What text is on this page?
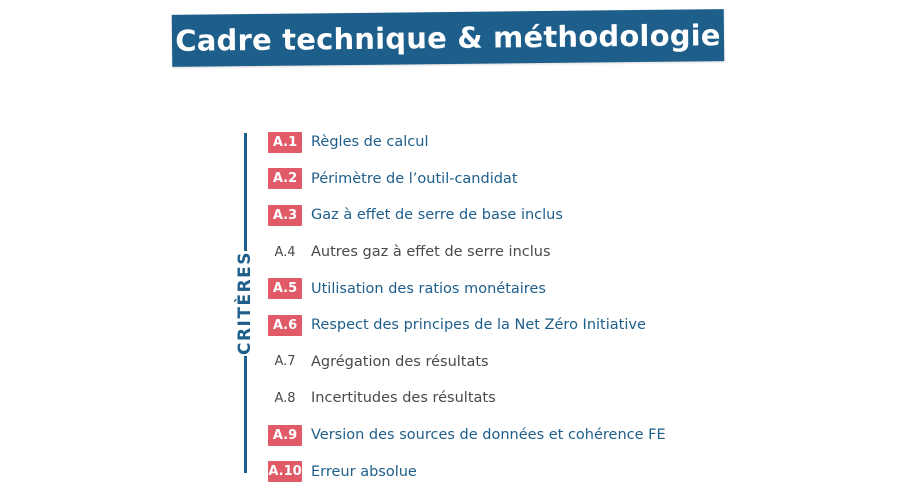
Cadre technique & méthodologie
CRITÈRES
A.1 Règles de calcul
A.2 Périmètre de l’outil-candidat
A.3 Gaz à effet de serre de base inclus
A.4	Autres gaz à effet de serre inclus
A.5 Utilisation des ratios monétaires
A.6 Respect des principes de la Net Zéro Initiative
A.7	Agrégation des résultats
A.8	Incertitudes des résultats
A.9 Version des sources de données et cohérence FE
A.10 Erreur absolue
